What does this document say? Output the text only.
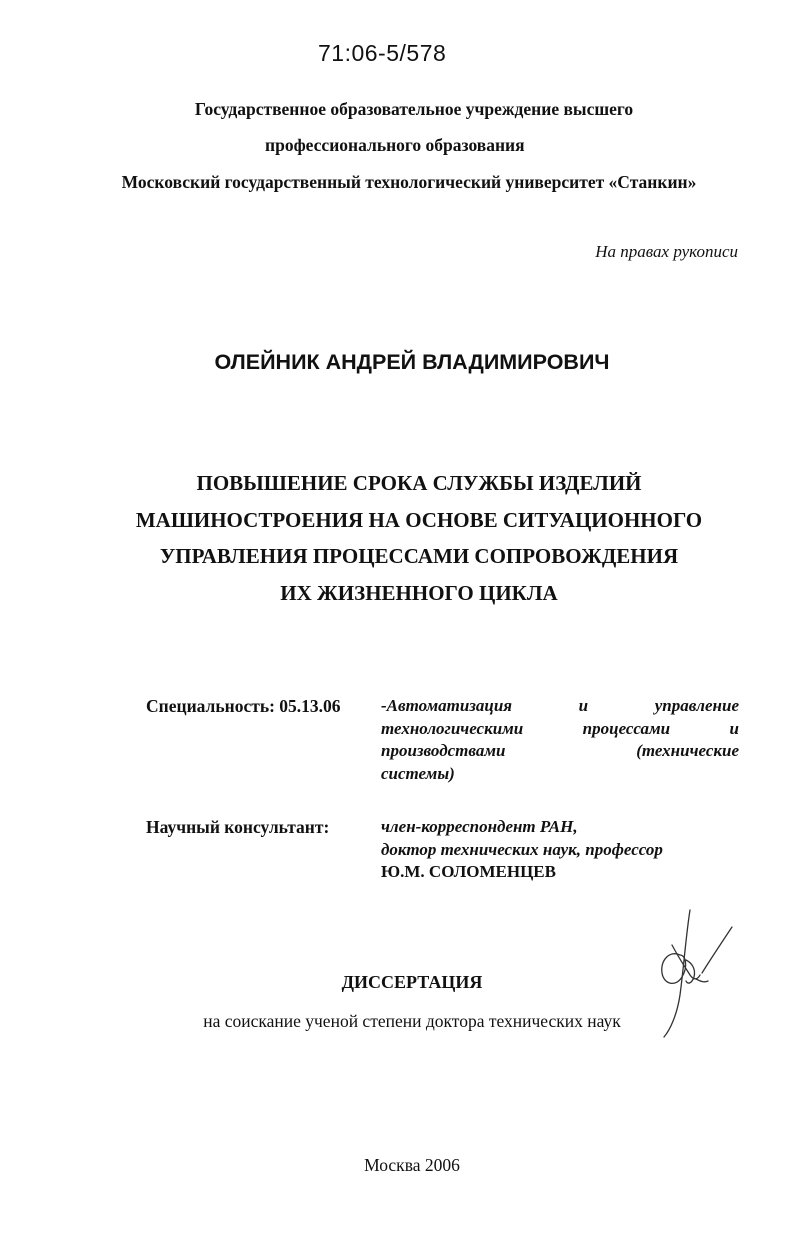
71:06-5/578
Государственное образовательное учреждение высшего
профессионального образования
Московский государственный технологический университет «Станкин»
На правах рукописи
ОЛЕЙНИК АНДРЕЙ ВЛАДИМИРОВИЧ
ПОВЫШЕНИЕ СРОКА СЛУЖБЫ ИЗДЕЛИЙ
МАШИНОСТРОЕНИЯ НА ОСНОВЕ СИТУАЦИОННОГО
УПРАВЛЕНИЯ ПРОЦЕССАМИ СОПРОВОЖДЕНИЯ
ИХ ЖИЗНЕННОГО ЦИКЛА
Специальность: 05.13.06 -Автоматизация и управление технологическими процессами и производствами (технические
системы)
Научный консультант:	член-корреспондент РАН,
доктор технических наук, профессор
Ю.М. СОЛОМЕНЦЕВ
ДИССЕРТАЦИЯ
на соискание ученой степени доктора технических наук
Москва 2006
